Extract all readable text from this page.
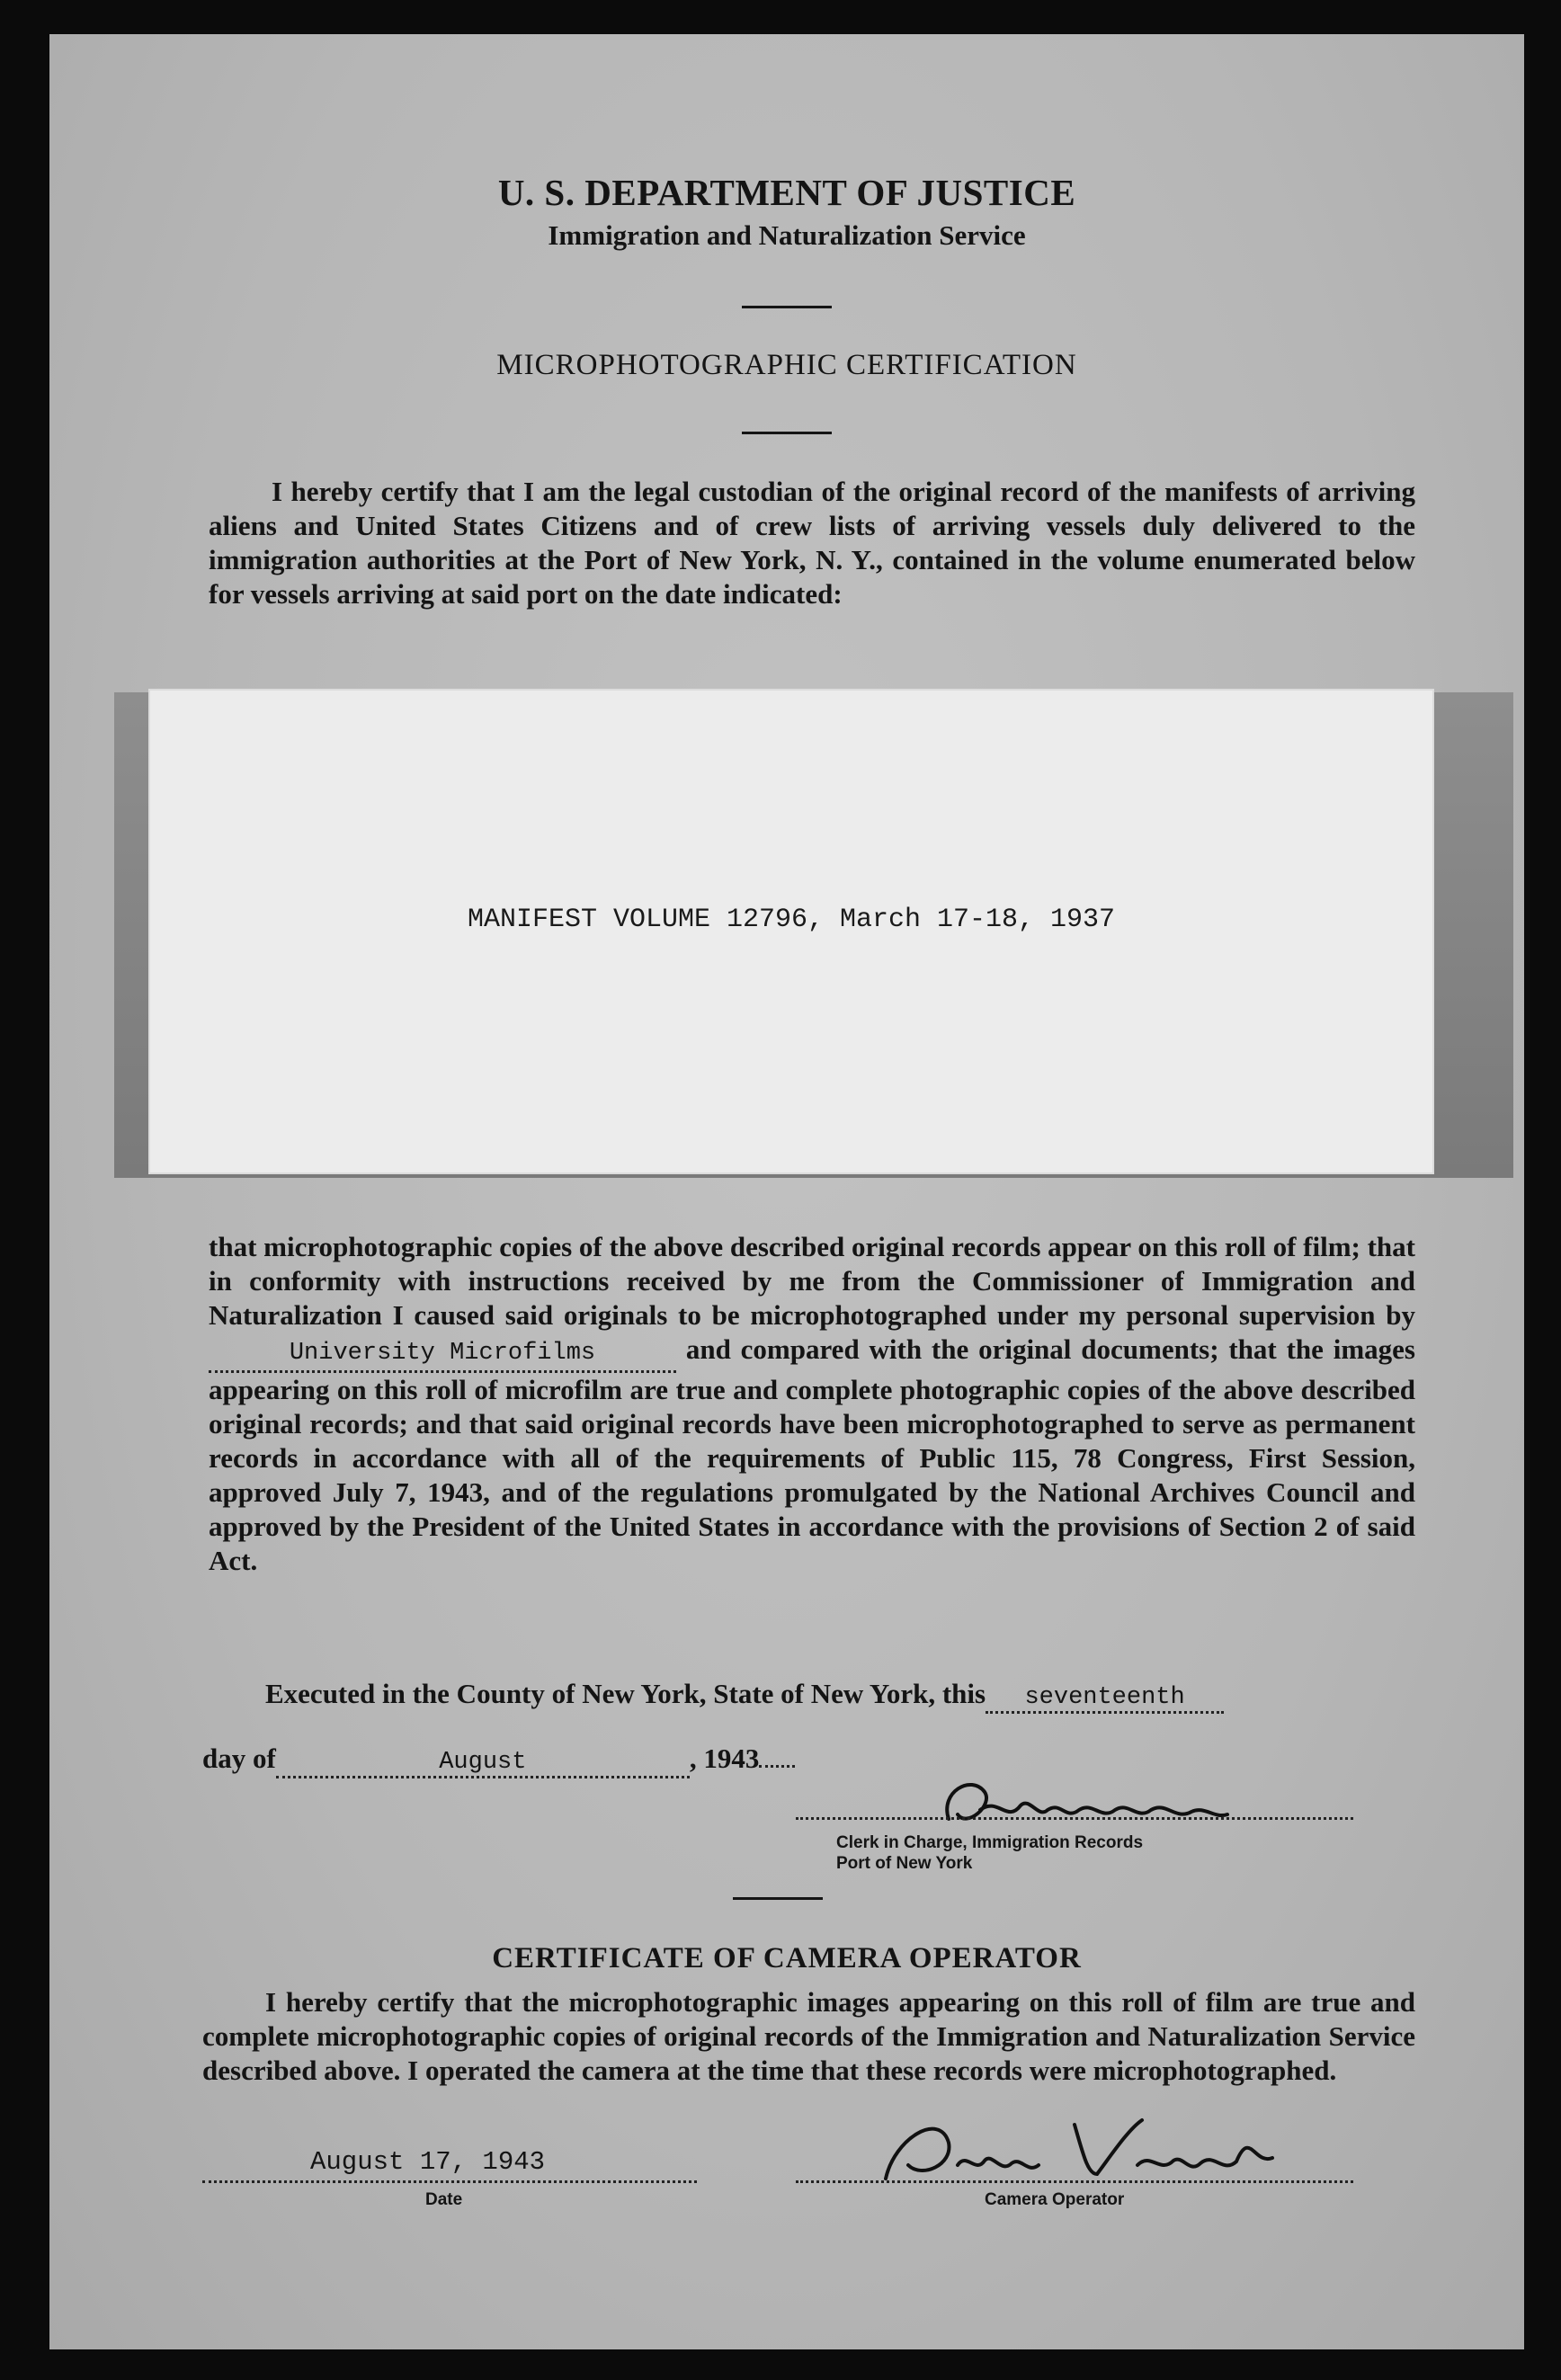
U. S. DEPARTMENT OF JUSTICE
Immigration and Naturalization Service
MICROPHOTOGRAPHIC CERTIFICATION

I hereby certify that I am the legal custodian of the original record of the manifests of arriving aliens and United States Citizens and of crew lists of arriving vessels duly delivered to the immigration authorities at the Port of New York, N. Y., contained in the volume enumerated below for vessels arriving at said port on the date indicated:

MANIFEST VOLUME 12796, March 17-18, 1937

that microphotographic copies of the above described original records appear on this roll of film; that in conformity with instructions received by me from the Commissioner of Immigration and Naturalization I caused said originals to be microphotographed under my personal supervision by University Microfilms	and compared with the original documents; that the images appearing on this roll of microfilm are true and complete photographic copies of the above described original records; and that said original records have been microphotographed to serve as permanent records in accordance with all of the requirements of Public 115, 78 Congress, First Session, approved July 7, 1943, and of the regulations promulgated by the National Archives Council and approved by the President of the United States in accordance with the provisions of Section 2 of said Act.

Executed in the County of New York, State of New York, this seventeenth
day of	August	, 1943
Clerk in Charge, Immigration Records
Port of New York
CERTIFICATE OF CAMERA OPERATOR

I hereby certify that the microphotographic images appearing on this roll of film are true and complete microphotographic copies of original records of the Immigration and Naturalization Service described above. I operated the camera at the time that these records were microphotographed.

August 17, 1943
Date	Camera Operator
